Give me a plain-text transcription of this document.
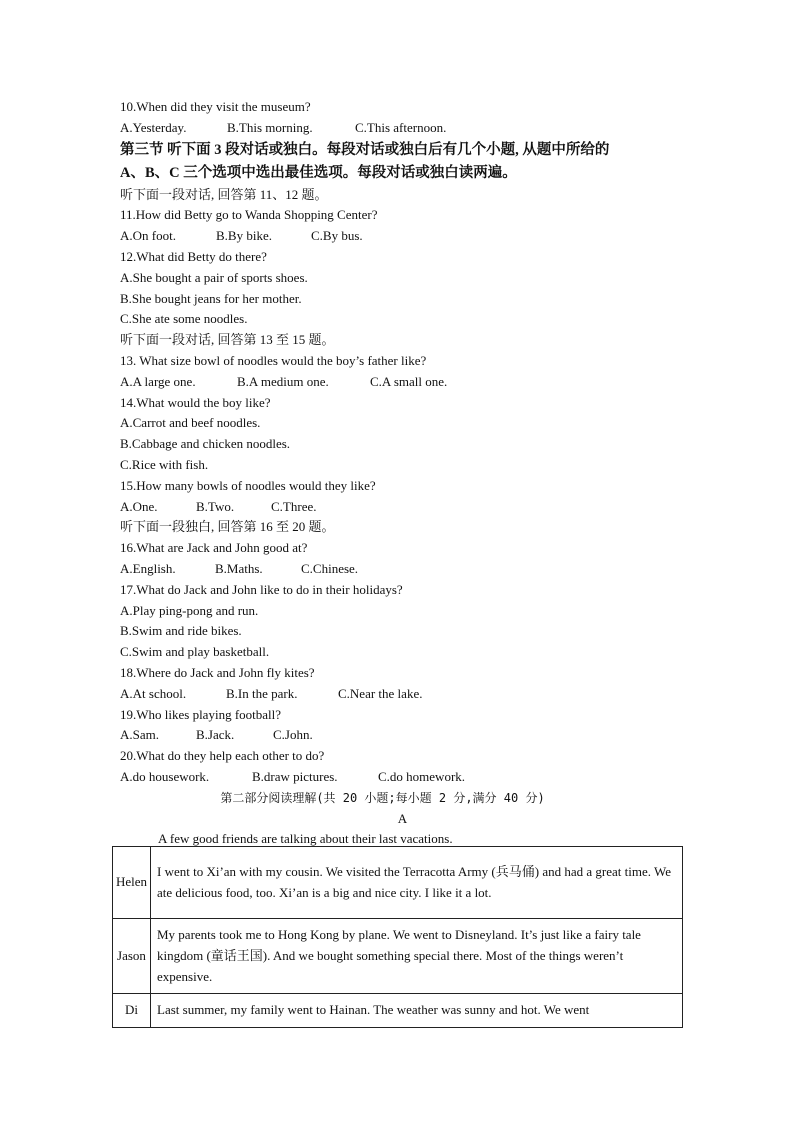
10.When did they visit the museum?
A.Yesterday.	B.This morning.	C.This afternoon.
第三节 听下面 3 段对话或独白。每段对话或独白后有几个小题, 从题中所给的
A、B、C 三个选项中选出最佳选项。每段对话或独白读两遍。
听下面一段对话, 回答第 11、12 题。
11.How did Betty go to Wanda Shopping Center?
A.On foot.	B.By bike.	C.By bus.
12.What did Betty do there?
A.She bought a pair of sports shoes.
B.She bought jeans for her mother.
C.She ate some noodles.
听下面一段对话, 回答第 13 至 15 题。
13. What size bowl of noodles would the boy’s father like?
A.A large one.	B.A medium one.	C.A small one.
14.What would the boy like?
A.Carrot and beef noodles.
B.Cabbage and chicken noodles.
C.Rice with fish.
15.How many bowls of noodles would they like?
A.One.	B.Two.	C.Three.
听下面一段独白, 回答第 16 至 20 题。
16.What are Jack and John good at?
A.English.	B.Maths.	C.Chinese.
17.What do Jack and John like to do in their holidays?
A.Play ping-pong and run.
B.Swim and ride bikes.
C.Swim and play basketball.
18.Where do Jack and John fly kites?
A.At school.	B.In the park.	C.Near the lake.
19.Who likes playing football?
A.Sam.	B.Jack.	C.John.
20.What do they help each other to do?
A.do housework.	B.draw pictures.	C.do homework.
第二部分阅读理解(共 20 小题;每小题 2 分,满分 40 分)
A
A few good friends are talking about their last vacations.
Helen	I went to Xi’an with my cousin. We visited the Terracotta Army (兵马俑) and had a great time. We ate delicious food, too. Xi’an is a big and nice city. I like it a lot.
Jason	My parents took me to Hong Kong by plane. We went to Disneyland. It’s just like a fairy tale kingdom (童话王国). And we bought something special there. Most of the things weren’t expensive.
Di	Last summer, my family went to Hainan. The weather was sunny and hot. We went
